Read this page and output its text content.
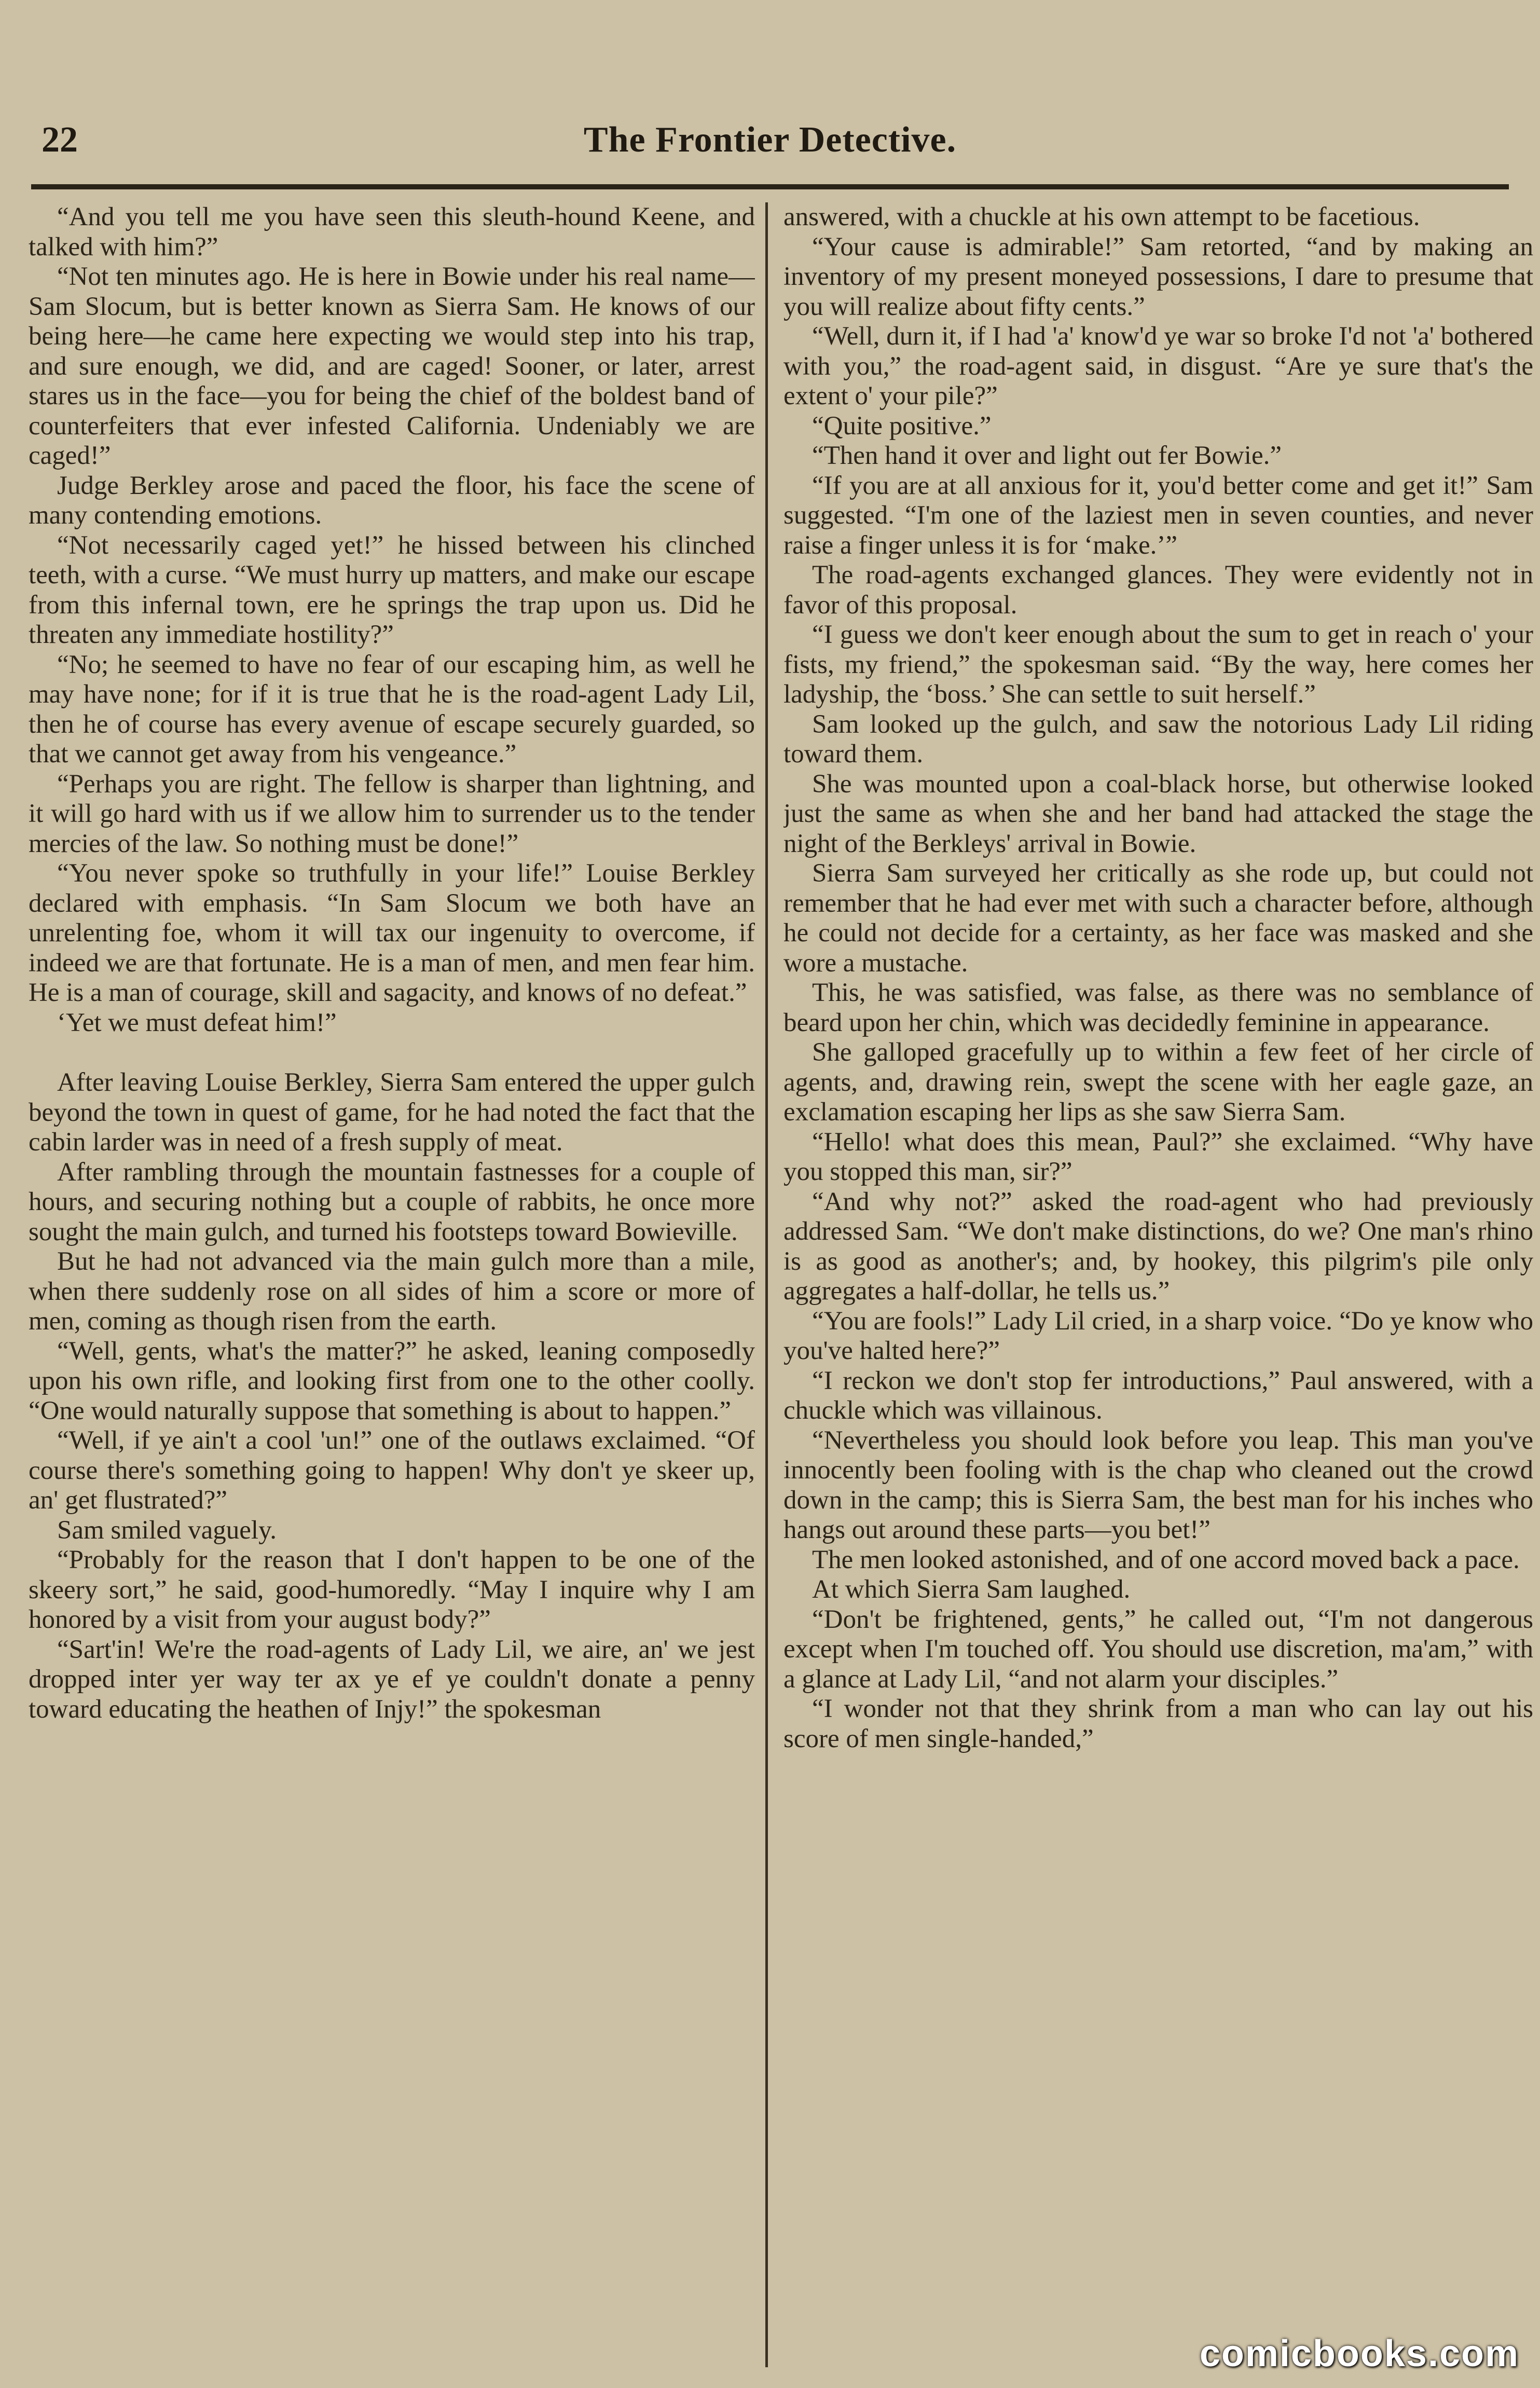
22	The Frontier Detective.

“And you tell me you have seen this sleuth-hound Keene, and talked with him?”

“Not ten minutes ago. He is here in Bowie under his real name—Sam Slocum, but is better known as Sierra Sam. He knows of our being here—he came here expecting we would step into his trap, and sure enough, we did, and are caged! Sooner, or later, arrest stares us in the face—you for being the chief of the boldest band of counterfeiters that ever infested California. Undeniably we are caged!”

Judge Berkley arose and paced the floor, his face the scene of many contending emotions.

“Not necessarily caged yet!” he hissed between his clinched teeth, with a curse. “We must hurry up matters, and make our escape from this infernal town, ere he springs the trap upon us. Did he threaten any immediate hostility?”

“No; he seemed to have no fear of our escaping him, as well he may have none; for if it is true that he is the road-agent Lady Lil, then he of course has every avenue of escape securely guarded, so that we cannot get away from his vengeance.”

“Perhaps you are right. The fellow is sharper than lightning, and it will go hard with us if we allow him to surrender us to the tender mercies of the law. So nothing must be done!”

“You never spoke so truthfully in your life!” Louise Berkley declared with emphasis. “In Sam Slocum we both have an unrelenting foe, whom it will tax our ingenuity to overcome, if indeed we are that fortunate. He is a man of men, and men fear him. He is a man of courage, skill and sagacity, and knows of no defeat.”

‘Yet we must defeat him!”

After leaving Louise Berkley, Sierra Sam entered the upper gulch beyond the town in quest of game, for he had noted the fact that the cabin larder was in need of a fresh supply of meat.

After rambling through the mountain fastnesses for a couple of hours, and securing nothing but a couple of rabbits, he once more sought the main gulch, and turned his footsteps toward Bowieville.

But he had not advanced via the main gulch more than a mile, when there suddenly rose on all sides of him a score or more of men, coming as though risen from the earth.

“Well, gents, what's the matter?” he asked, leaning composedly upon his own rifle, and looking first from one to the other coolly. “One would naturally suppose that something is about to happen.”

“Well, if ye ain't a cool 'un!” one of the outlaws exclaimed. “Of course there's something going to happen! Why don't ye skeer up, an' get flustrated?”

Sam smiled vaguely.

“Probably for the reason that I don't happen to be one of the skeery sort,” he said, good-humoredly. “May I inquire why I am honored by a visit from your august body?”

“Sart'in! We're the road-agents of Lady Lil, we aire, an' we jest dropped inter yer way ter ax ye ef ye couldn't donate a penny toward educating the heathen of Injy!” the spokesman

answered, with a chuckle at his own attempt to be facetious.

“Your cause is admirable!” Sam retorted, “and by making an inventory of my present moneyed possessions, I dare to presume that you will realize about fifty cents.”

“Well, durn it, if I had 'a' know'd ye war so broke I'd not 'a' bothered with you,” the road-agent said, in disgust. “Are ye sure that's the extent o' your pile?”

“Quite positive.”

“Then hand it over and light out fer Bowie.”

“If you are at all anxious for it, you'd better come and get it!” Sam suggested. “I'm one of the laziest men in seven counties, and never raise a finger unless it is for ‘make.’”

The road-agents exchanged glances. They were evidently not in favor of this proposal.

“I guess we don't keer enough about the sum to get in reach o' your fists, my friend,” the spokesman said. “By the way, here comes her ladyship, the ‘boss.’ She can settle to suit herself.”

Sam looked up the gulch, and saw the notorious Lady Lil riding toward them.

She was mounted upon a coal-black horse, but otherwise looked just the same as when she and her band had attacked the stage the night of the Berkleys' arrival in Bowie.

Sierra Sam surveyed her critically as she rode up, but could not remember that he had ever met with such a character before, although he could not decide for a certainty, as her face was masked and she wore a mustache.

This, he was satisfied, was false, as there was no semblance of beard upon her chin, which was decidedly feminine in appearance.

She galloped gracefully up to within a few feet of her circle of agents, and, drawing rein, swept the scene with her eagle gaze, an exclamation escaping her lips as she saw Sierra Sam.

“Hello! what does this mean, Paul?” she exclaimed. “Why have you stopped this man, sir?”

“And why not?” asked the road-agent who had previously addressed Sam. “Wе don't make distinctions, do we? One man's rhino is as good as another's; and, by hookey, this pilgrim's pile only aggregates a half-dollar, he tells us.”

“You are fools!” Lady Lil cried, in a sharp voice. “Do ye know who you've halted here?”

“I reckon we don't stop fer introductions,” Paul answered, with a chuckle which was villainous.

“Nevertheless you should look before you leap. This man you've innocently been fooling with is the chap who cleaned out the crowd down in the camp; this is Sierra Sam, the best man for his inches who hangs out around these parts—you bet!”

The men looked astonished, and of one accord moved back a pace.

At which Sierra Sam laughed.

“Don't be frightened, gents,” he called out, “I'm not dangerous except when I'm touched off. You should use discretion, ma'am,” with a glance at Lady Lil, “and not alarm your disciples.”

“I wonder not that they shrink from a man who can lay out his score of men single-handed,”

comicbooks.com
